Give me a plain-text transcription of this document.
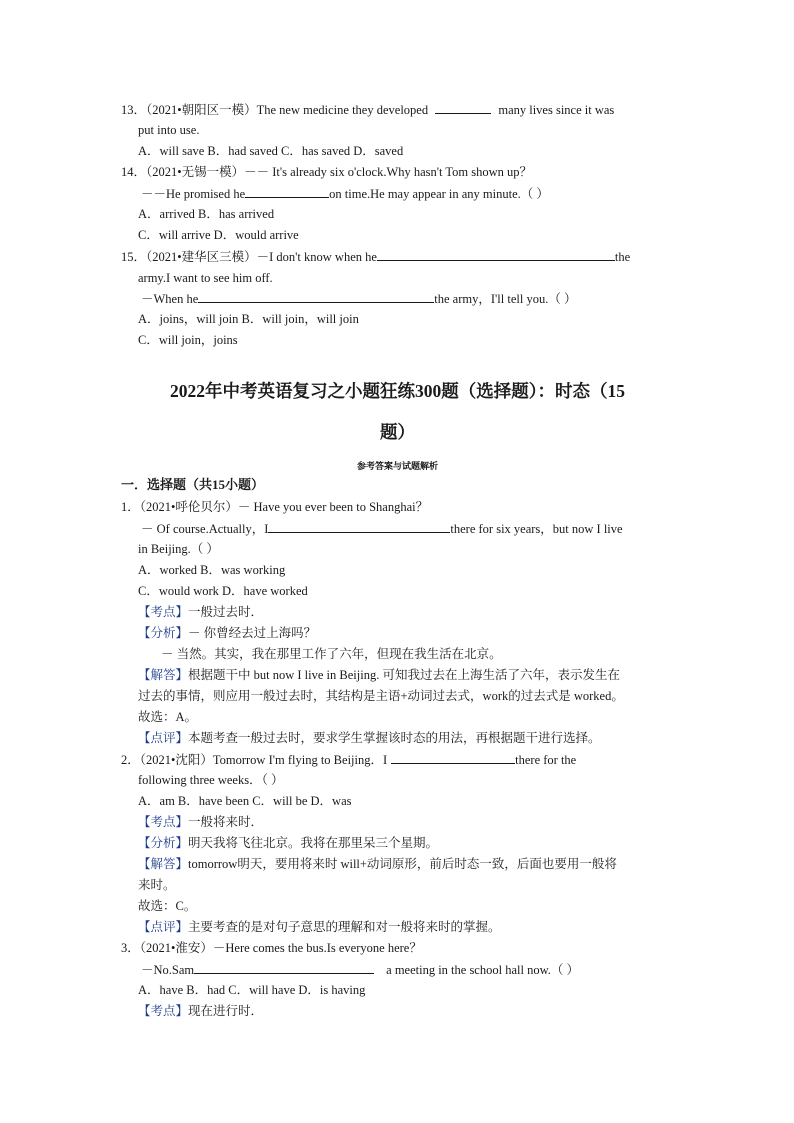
13．（2021•朝阳区一模）The new medicine they developed	many lives since it was
put into use.
A．will save B．had saved C．has saved D．saved
14．（2021•无锡一模）－－ It's already six o'clock.Why hasn't Tom shown up？
－－He promised he	on time.He may appear in any minute.（ ）
A．arrived B．has arrived
C．will arrive D．would arrive
15．（2021•建华区三模）－I don't know when he	the
army.I want to see him off.
－When he	the army，I'll tell you.（ ）
A．joins，will join B．will join，will join
C．will join，joins
2022年中考英语复习之小题狂练300题（选择题）：时态（15
题）
参考答案与试题解析
一．选择题（共15小题）
1．（2021•呼伦贝尔）－ Have you ever been to Shanghai？
－ Of course.Actually，I	there for six years，but now I live
in Beijing.（ ）
A．worked B．was working
C．would work D．have worked
【考点】一般过去时．
【分析】－ 你曾经去过上海吗？
－ 当然。其实，我在那里工作了六年，但现在我生活在北京。
【解答】根据题干中 but now I live in Beijing. 可知我过去在上海生活了六年，表示发生在
过去的事情，则应用一般过去时，其结构是主语+动词过去式，work的过去式是 worked。
故选：A。
【点评】本题考查一般过去时，要求学生掌握该时态的用法，再根据题干进行选择。
2．（2021•沈阳）Tomorrow I'm flying to Beijing．I	there for the
following three weeks．（ ）
A．am B．have been C．will be D．was
【考点】一般将来时．
【分析】明天我将飞往北京。我将在那里呆三个星期。
【解答】tomorrow明天，要用将来时 will+动词原形，前后时态一致，后面也要用一般将
来时。
故选：C。
【点评】主要考查的是对句子意思的理解和对一般将来时的掌握。
3．（2021•淮安）－Here comes the bus.Is everyone here？
－No.Sam	a meeting in the school hall now.（ ）
A．have B．had C．will have D．is having
【考点】现在进行时．
